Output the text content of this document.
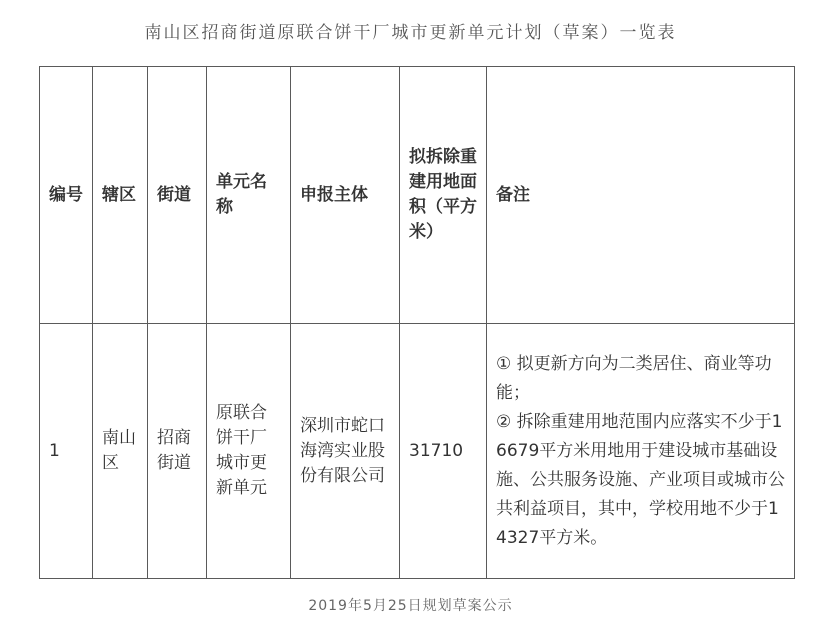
南山区招商街道原联合饼干厂城市更新单元计划（草案）一览表
编号	辖区	街道	单元名称	申报主体	拟拆除重建用地面积（平方米）	备注
1	南山区	招商街道	原联合饼干厂城市更新单元	深圳市蛇口海湾实业股份有限公司	31710	① 拟更新方向为二类居住、商业等功能；
② 拆除重建用地范围内应落实不少于16679平方米用地用于建设城市基础设施、公共服务设施、产业项目或城市公共利益项目，其中，学校用地不少于14327平方米。
2019年5月25日规划草案公示
